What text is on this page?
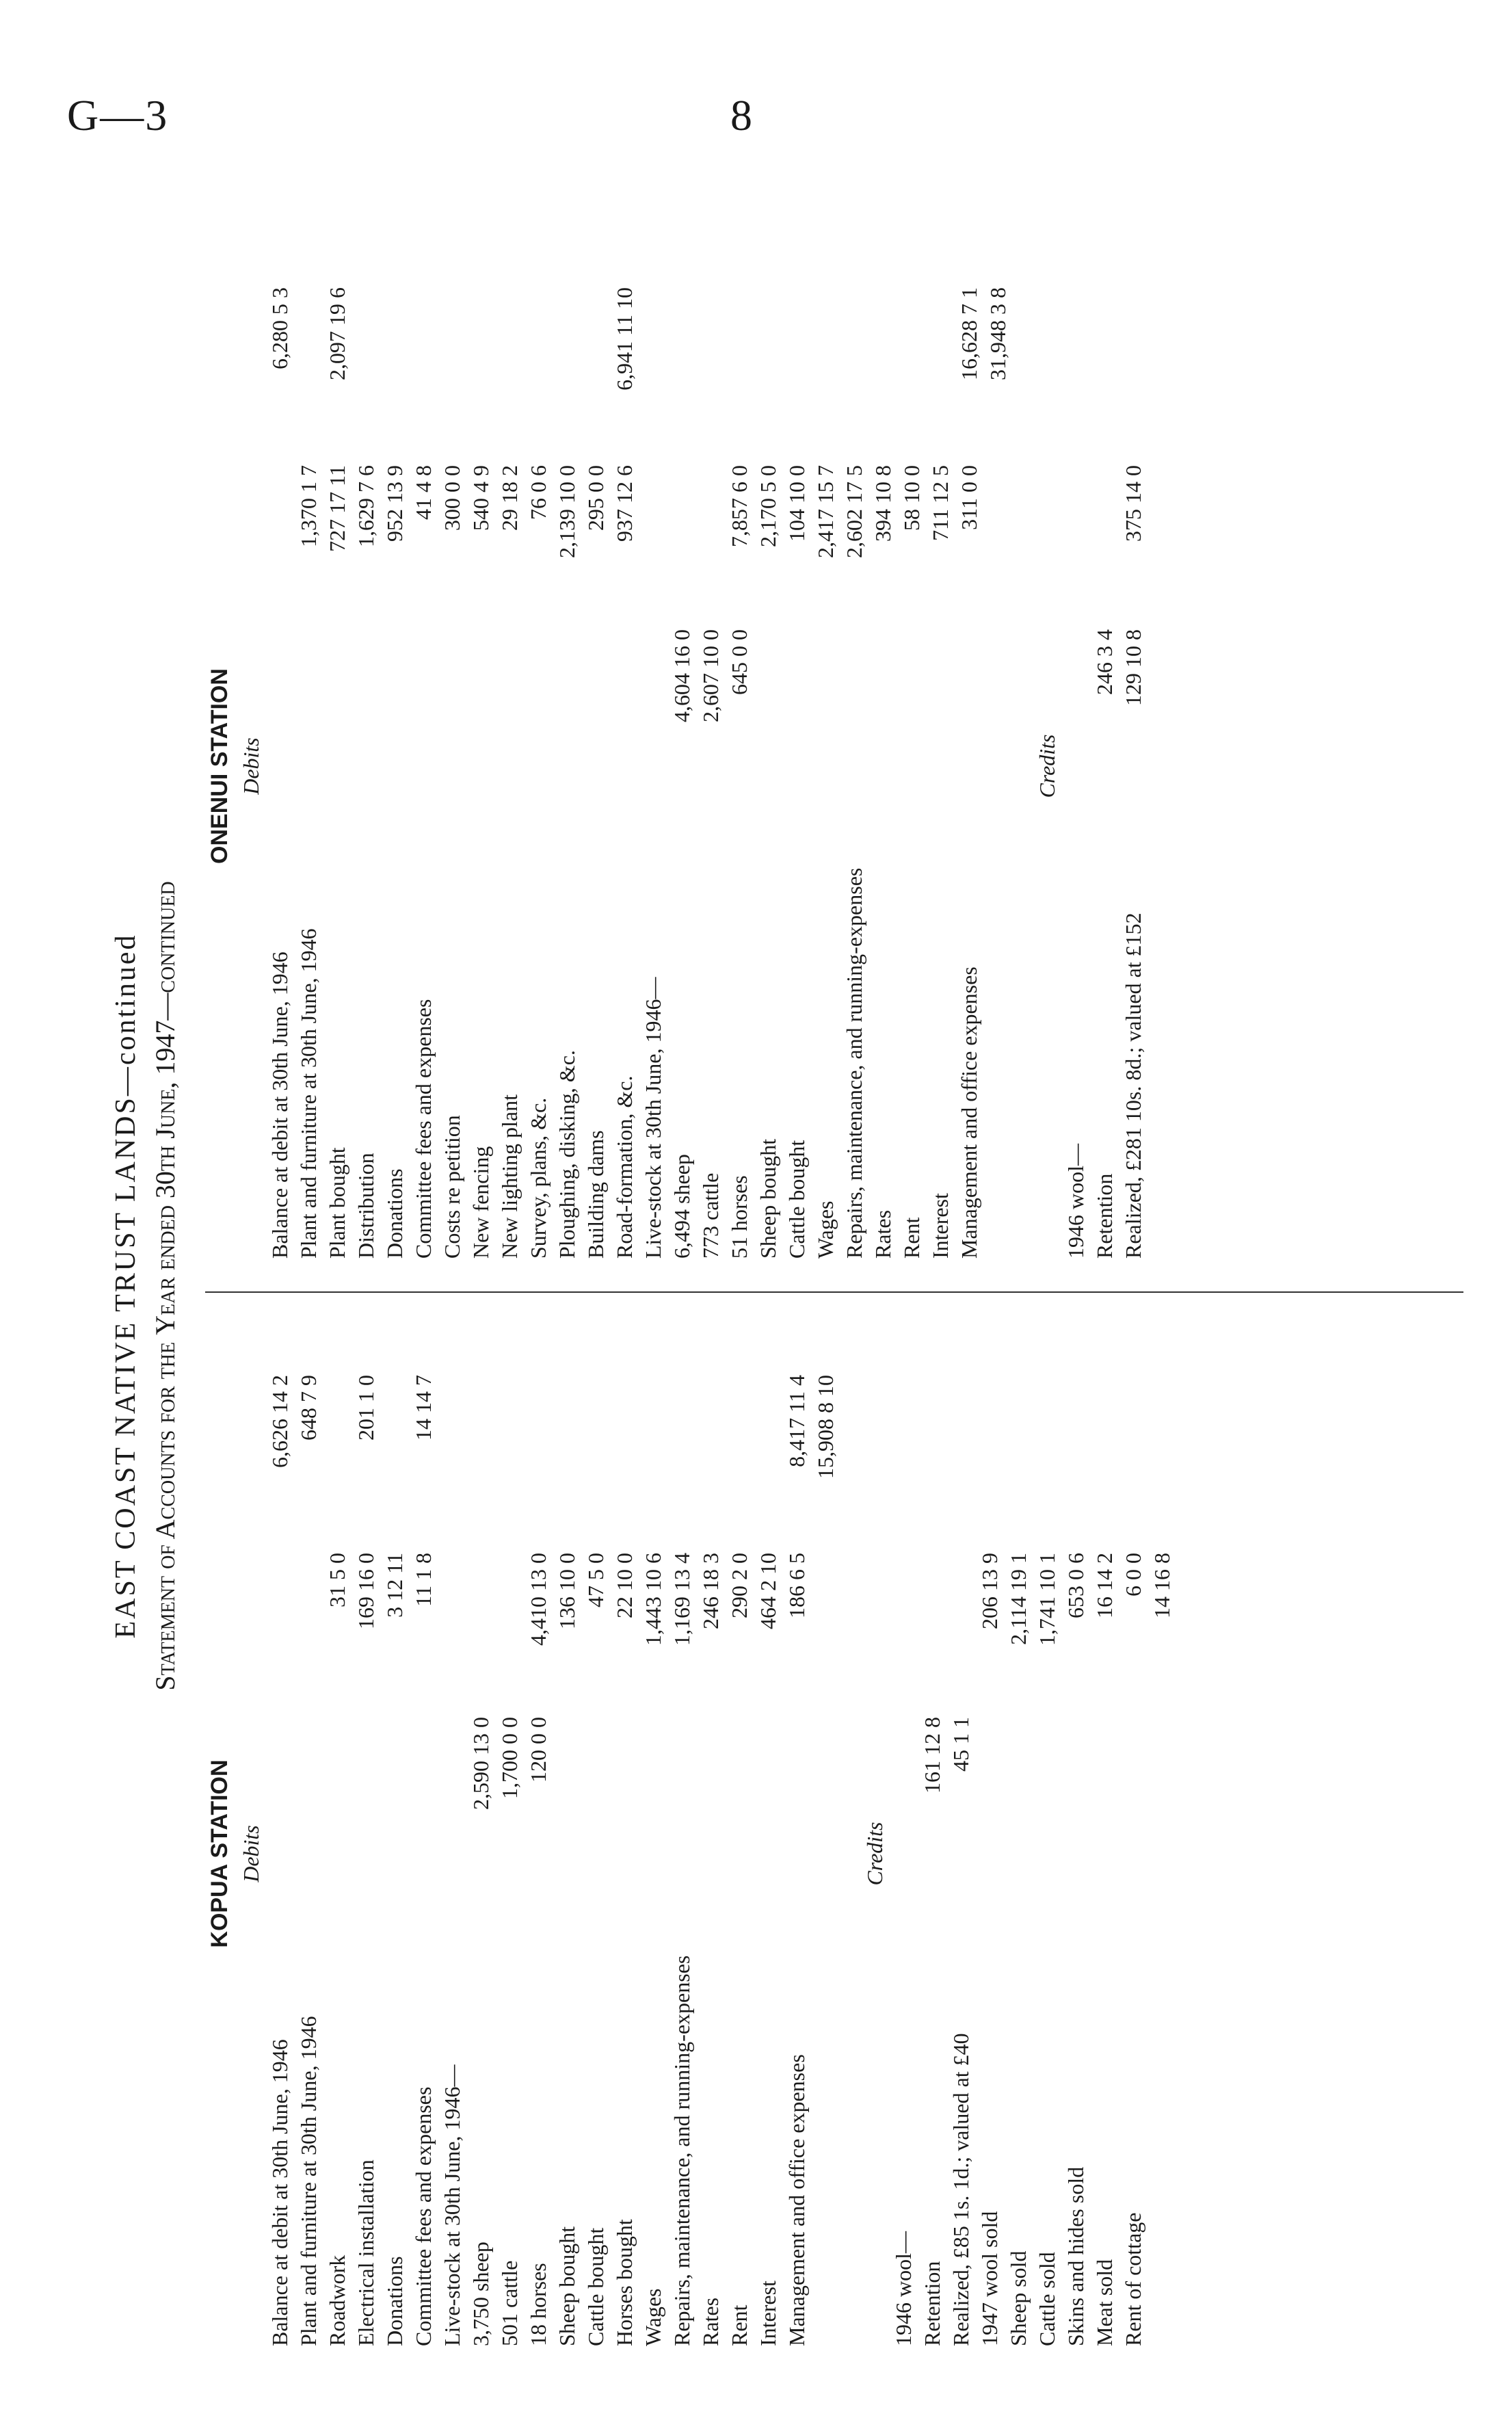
G—3	8
EAST COAST NATIVE TRUST LANDS—continued Statement of Accounts for the Year ended 30th June, 1947—continued
KOPUA STATION Debits
Balance at debit at 30th June, 1946
6,626 14 2
Plant and furniture at 30th June, 1946
648 7 9
Roadwork
31 5 0
Electrical installation
169 16 0
201 1 0
Donations
3 12 11
Committee fees and expenses
11 1 8
14 14 7
Live-stock at 30th June, 1946— 3,750 sheep
2,590 13 0
501 cattle
1,700 0 0
18 horses
120 0 0
4,410 13 0
Sheep bought
136 10 0
Cattle bought
47 5 0
Horses bought
22 10 0
Wages
1,443 10 6
Repairs, maintenance, and running-expenses
1,169 13 4
Rates
246 18 3
Rent
290 2 0
Interest
464 2 10
Management and office expenses
186 6 5
8,417 11 4 15,908 8 10
Credits
1946 wool— Retention
161 12 8
Realized, £85 1s. 1d.; valued at £40
45 1 1
1947 wool sold
206 13 9
Sheep sold
2,114 19 1
Cattle sold
1,741 10 1
Skins and hides sold
653 0 6
Meat sold
16 14 2
Rent of cottage
6 0 0 14 16 8
ONENUI STATION Debits
Balance at debit at 30th June, 1946
6,280 5 3
Plant and furniture at 30th June, 1946
1,370 1 7
Plant bought
727 17 11
2,097 19 6
Distribution
1,629 7 6
Donations
952 13 9
Committee fees and expenses
41 4 8
Costs re petition
300 0 0
New fencing
540 4 9
New lighting plant
29 18 2
Survey, plans, &c.
76 0 6
Ploughing, disking, &c.
2,139 10 0
Building dams
295 0 0
Road-formation, &c.
937 12 6
6,941 11 10
Live-stock at 30th June, 1946— 6,494 sheep
4,604 16 0
773 cattle
2,607 10 0
51 horses
645 0 0
7,857 6 0
Sheep bought
2,170 5 0
Cattle bought
104 10 0
Wages
2,417 15 7
Repairs, maintenance, and running-expenses
2,602 17 5
Rates
394 10 8
Rent
58 10 0
Interest
711 12 5
Management and office expenses
311 0 0
16,628 7 1 31,948 3 8
Credits
1946 wool— Retention
246 3 4
Realized, £281 10s. 8d.; valued at £152
129 10 8
375 14 0
